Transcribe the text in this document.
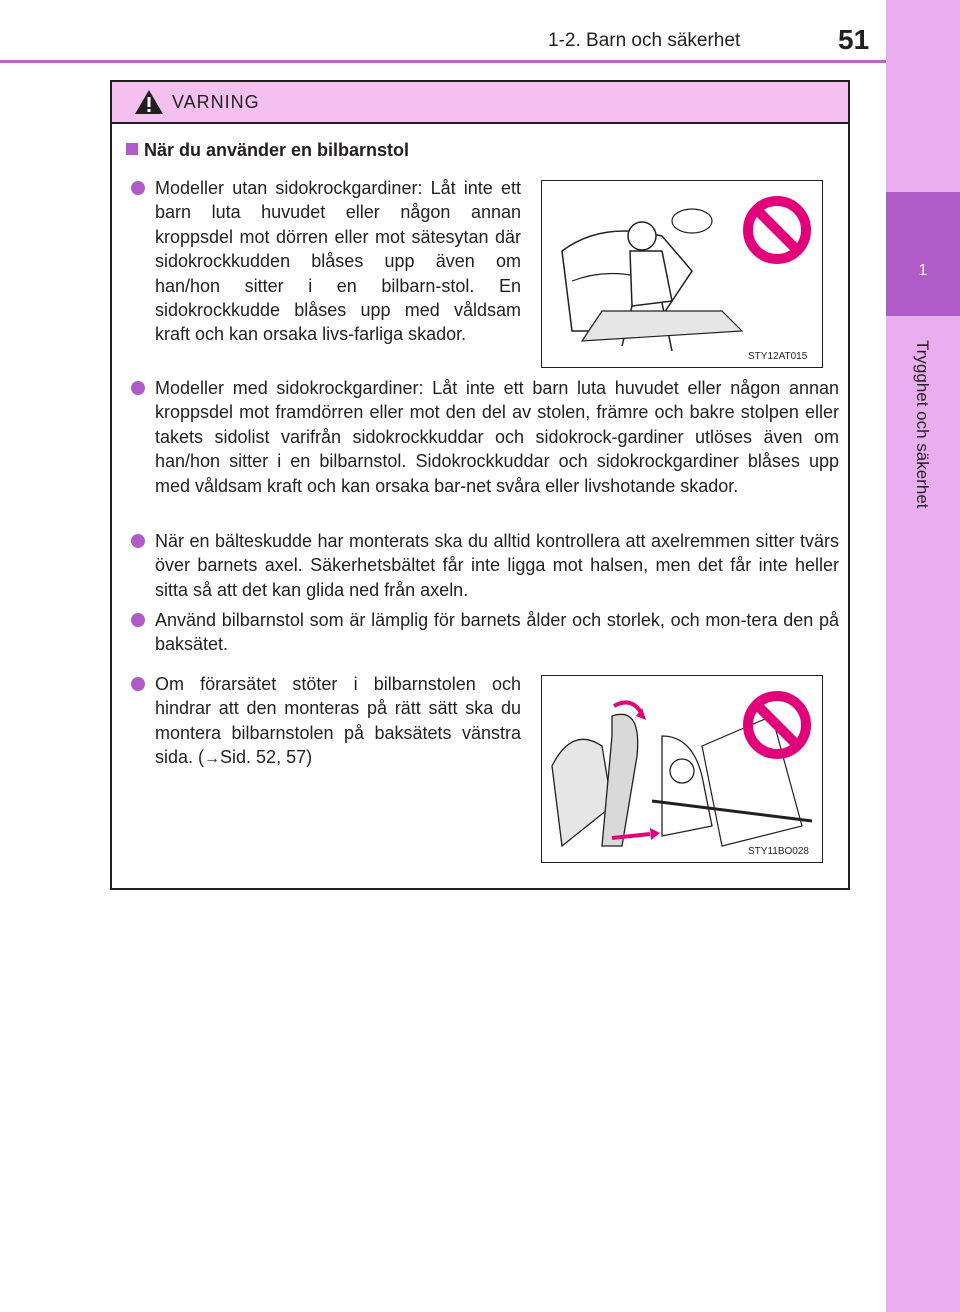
1-2. Barn och säkerhet	51
1
Trygghet och säkerhet
VARNING
När du använder en bilbarnstol
Modeller utan sidokrockgardiner: Låt inte ett barn luta huvudet eller någon annan kroppsdel mot dörren eller mot sätesytan där sidokrockkudden blåses upp även om han/hon sitter i en bilbarn-stol. En sidokrockkudde blåses upp med våldsam kraft och kan orsaka livs-farliga skador.
STY12AT015
Modeller med sidokrockgardiner: Låt inte ett barn luta huvudet eller någon annan kroppsdel mot framdörren eller mot den del av stolen, främre och bakre stolpen eller takets sidolist varifrån sidokrockkuddar och sidokrock-gardiner utlöses även om han/hon sitter i en bilbarnstol. Sidokrockkuddar och sidokrockgardiner blåses upp med våldsam kraft och kan orsaka bar-net svåra eller livshotande skador.
När en bälteskudde har monterats ska du alltid kontrollera att axelremmen sitter tvärs över barnets axel. Säkerhetsbältet får inte ligga mot halsen, men det får inte heller sitta så att det kan glida ned från axeln.
Använd bilbarnstol som är lämplig för barnets ålder och storlek, och mon-tera den på baksätet.
Om förarsätet stöter i bilbarnstolen och hindrar att den monteras på rätt sätt ska du montera bilbarnstolen på baksätets vänstra sida. (→Sid. 52, 57)
STY11BO028
